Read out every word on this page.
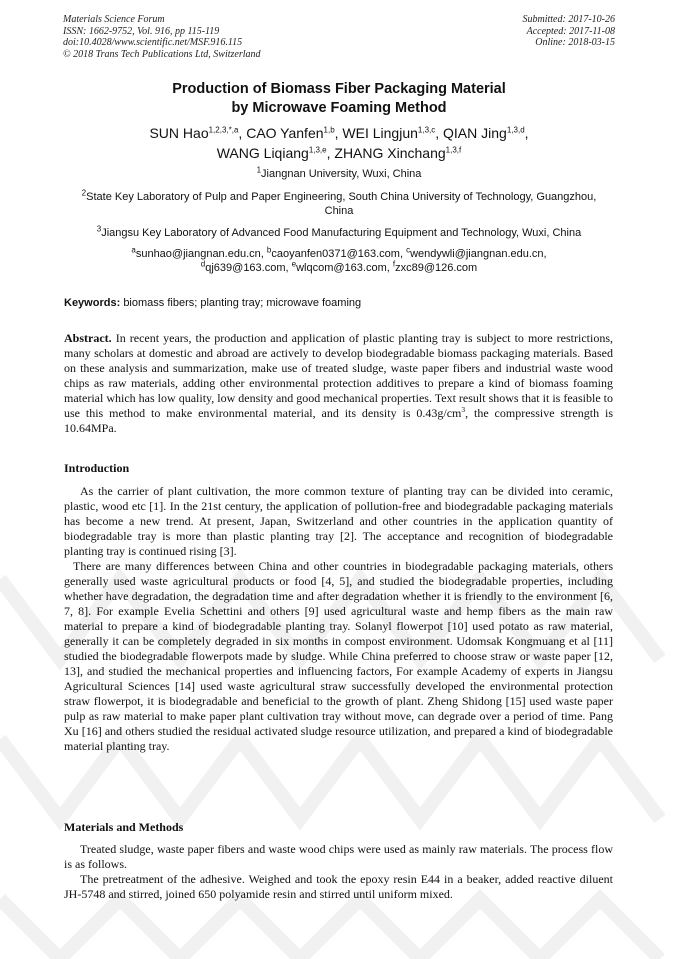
Materials Science Forum
ISSN: 1662-9752, Vol. 916, pp 115-119
doi:10.4028/www.scientific.net/MSF.916.115
© 2018 Trans Tech Publications Ltd, Switzerland
Submitted: 2017-10-26
Accepted: 2017-11-08
Online: 2018-03-15
Production of Biomass Fiber Packaging Material
by Microwave Foaming Method
SUN Hao$^{1,2,3,*,a}$, CAO Yanfen$^{1,b}$, WEI Lingjun$^{1,3,c}$, QIAN Jing$^{1,3,d}$,
WANG Liqiang$^{1,3,e}$, ZHANG Xinchang$^{1,3,f}$
$^1$Jiangnan University, Wuxi, China
$^2$State Key Laboratory of Pulp and Paper Engineering, South China University of Technology, Guangzhou, China
$^3$Jiangsu Key Laboratory of Advanced Food Manufacturing Equipment and Technology, Wuxi, China
$^a$sunhao@jiangnan.edu.cn, $^b$caoyanfen0371@163.com, $^c$wendywli@jiangnan.edu.cn,
$^d$qj639@163.com, $^e$wlqcom@163.com, $^f$zxc89@126.com
Keywords: biomass fibers; planting tray; microwave foaming

Abstract. In recent years, the production and application of plastic planting tray is subject to more restrictions, many scholars at domestic and abroad are actively to develop biodegradable biomass packaging materials. Based on these analysis and summarization, make use of treated sludge, waste paper fibers and industrial waste wood chips as raw materials, adding other environmental protection additives to prepare a kind of biomass foaming material which has low quality, low density and good mechanical properties. Text result shows that it is feasible to use this method to make environmental material, and its density is $0.43g/cm^3$, the compressive strength is 10.64MPa.

Introduction

As the carrier of plant cultivation, the more common texture of planting tray can be divided into ceramic, plastic, wood etc [1]. In the 21st century, the application of pollution-free and biodegradable packaging materials has become a new trend. At present, Japan, Switzerland and other countries in the application quantity of biodegradable tray is more than plastic planting tray [2]. The acceptance and recognition of biodegradable planting tray is continued rising [3].

There are many differences between China and other countries in biodegradable packaging materials, others generally used waste agricultural products or food [4, 5], and studied the biodegradable properties, including whether have degradation, the degradation time and after degradation whether it is friendly to the environment [6, 7, 8]. For example Evelia Schettini and others [9] used agricultural waste and hemp fibers as the main raw material to prepare a kind of biodegradable planting tray. Solanyl flowerpot [10] used potato as raw material, generally it can be completely degraded in six months in compost environment. Udomsak Kongmuang et al [11] studied the biodegradable flowerpots made by sludge. While China preferred to choose straw or waste paper [12, 13], and studied the mechanical properties and influencing factors, For example Academy of experts in Jiangsu Agricultural Sciences [14] used waste agricultural straw successfully developed the environmental protection straw flowerpot, it is biodegradable and beneficial to the growth of plant. Zheng Shidong [15] used waste paper pulp as raw material to make paper plant cultivation tray without move, can degrade over a period of time. Pang Xu [16] and others studied the residual activated sludge resource utilization, and prepared a kind of biodegradable material planting tray.

Materials and Methods

Treated sludge, waste paper fibers and waste wood chips were used as mainly raw materials. The process flow is as follows.

The pretreatment of the adhesive. Weighed and took the epoxy resin E44 in a beaker, added reactive diluent JH-5748 and stirred, joined 650 polyamide resin and stirred until uniform mixed.
